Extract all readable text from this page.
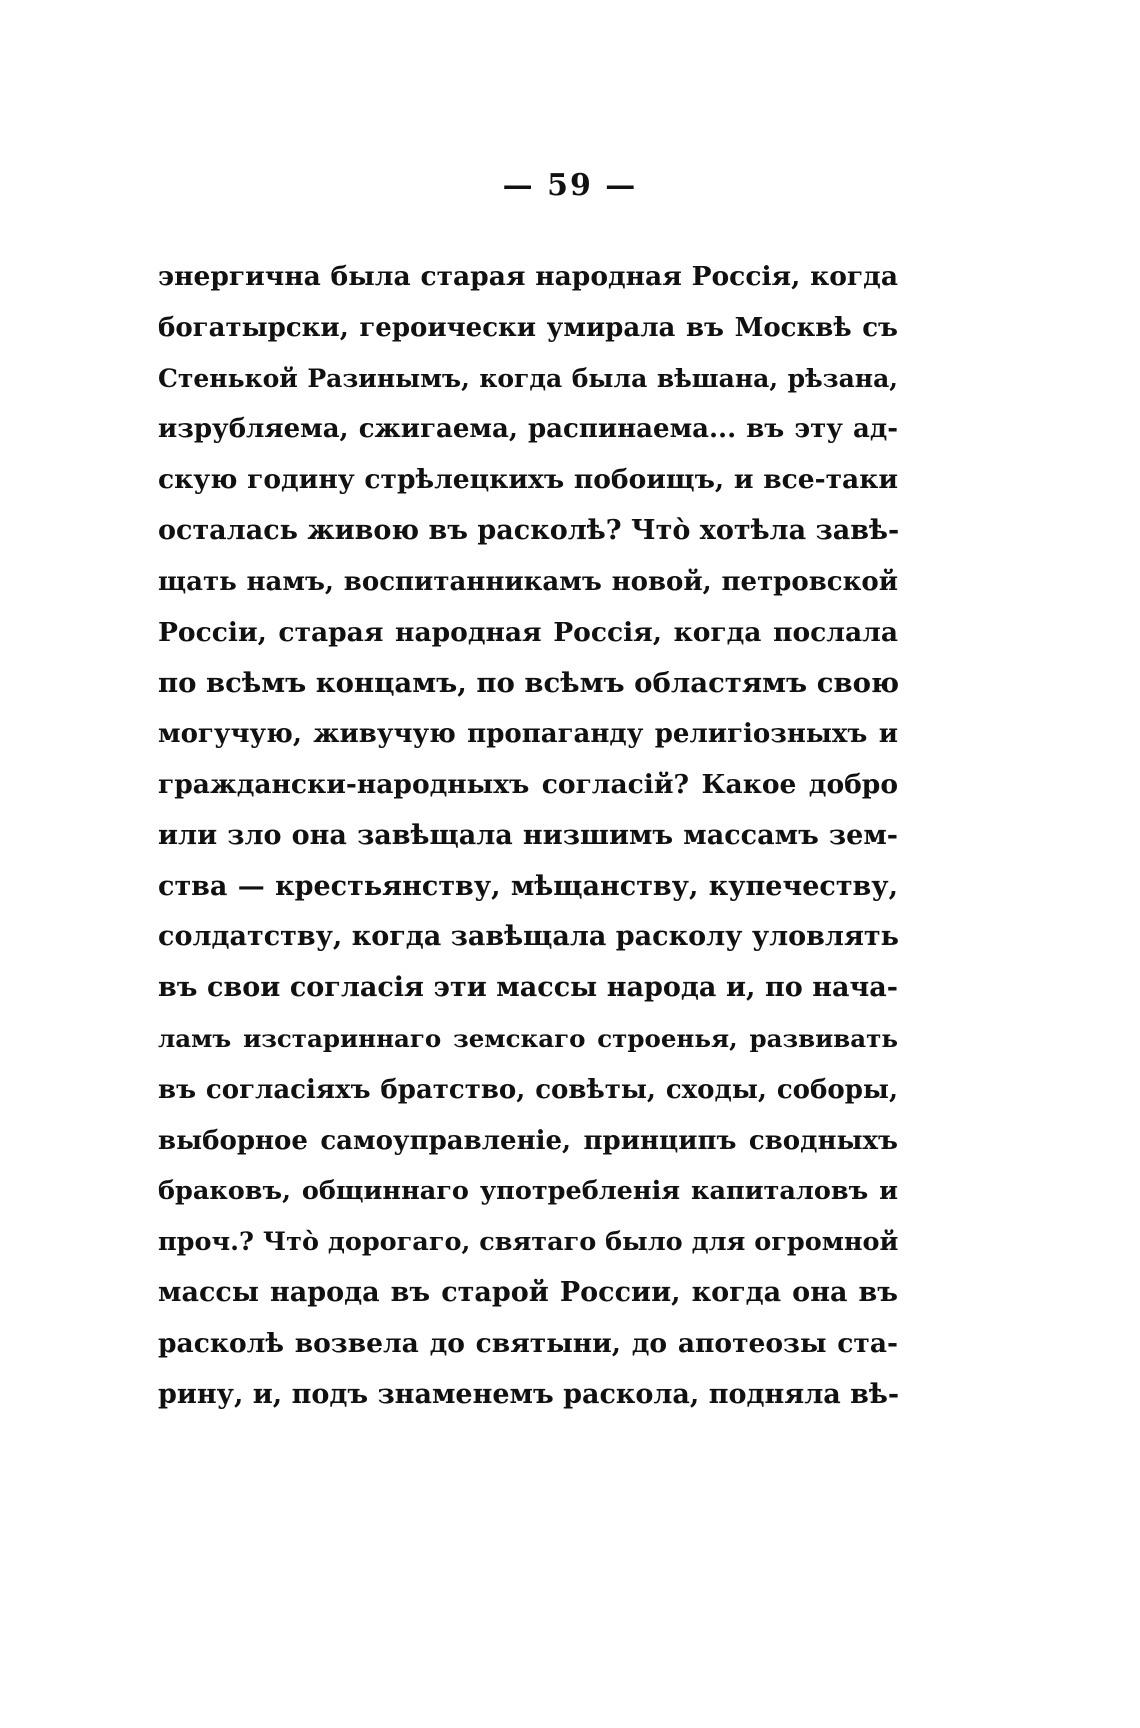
— 59 —
энергична была старая народная Россія, когда
богатырски, героически умирала въ Москвѣ съ
Стенькой Разинымъ, когда была вѣшана, рѣзана,
изрубляема, сжигаема, распинаема... въ эту ад-
скую годину стрѣлецкихъ побоищъ, и все-таки
осталась живою въ расколѣ? Чтò хотѣла завѣ-
щать намъ, воспитанникамъ новой, петровской
Россіи, старая народная Россія, когда послала
по всѣмъ концамъ, по всѣмъ областямъ свою
могучую, живучую пропаганду религіозныхъ и
граждански-народныхъ согласій? Какое добро
или зло она завѣщала низшимъ массамъ зем-
ства — крестьянству, мѣщанству, купечеству,
солдатству, когда завѣщала расколу уловлять
въ свои согласія эти массы народа и, по нача-
ламъ изстариннаго земскаго строенья, развивать
въ согласіяхъ братство, совѣты, сходы, соборы,
выборное самоуправленіе, принципъ сводныхъ
браковъ, общиннаго употребленія капиталовъ и
проч.? Чтò дорогаго, святаго было для огромной
массы народа въ старой России, когда она въ
расколѣ возвела до святыни, до апотеозы ста-
рину, и, подъ знаменемъ раскола, подняла вѣ-
